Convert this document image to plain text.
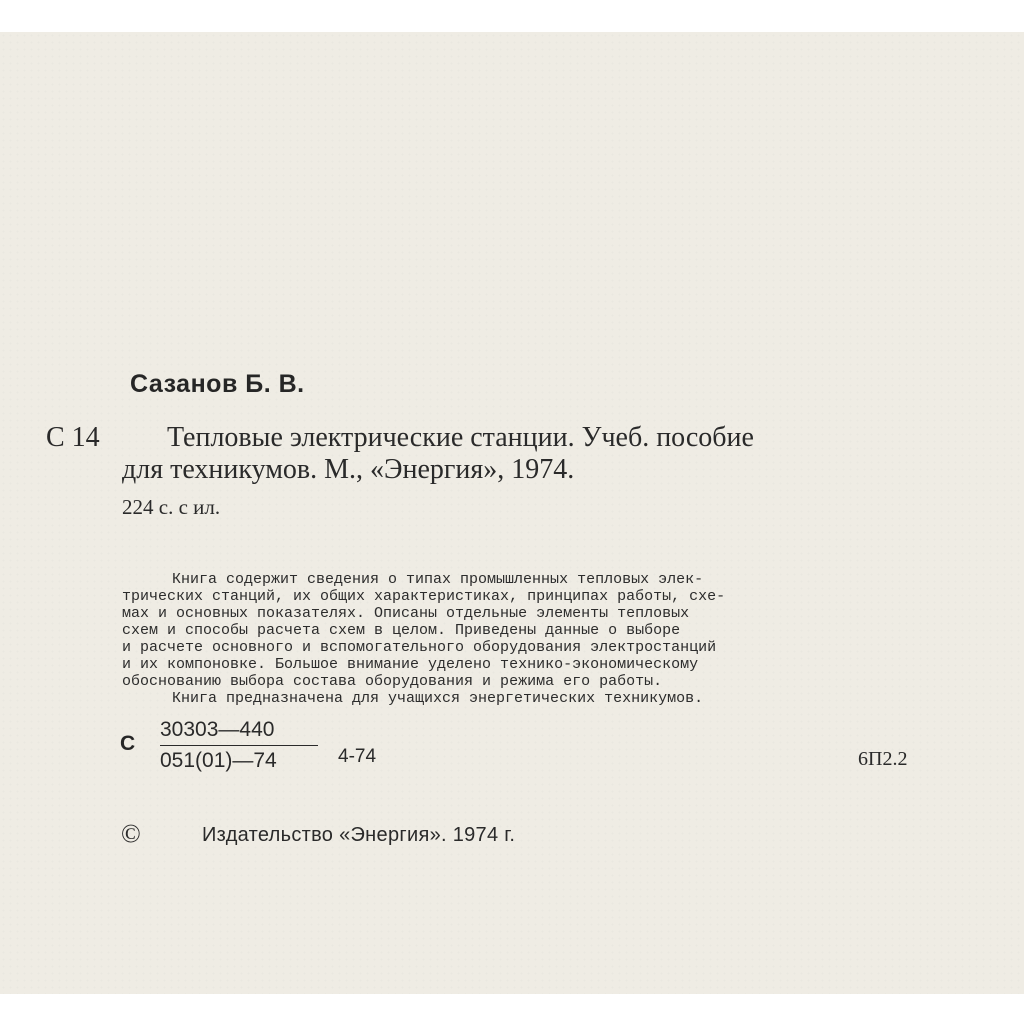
Сазанов Б. В.
С 14 Тепловые электрические станции. Учеб. пособие
для техникумов. М., «Энергия», 1974.
224 с. с ил.
Книга содержит сведения о типах промышленных тепловых элек-
трических станций, их общих характеристиках, принципах работы, схе-
мах и основных показателях. Описаны отдельные элементы тепловых
схем и способы расчета схем в целом. Приведены данные о выборе
и расчете основного и вспомогательного оборудования электростанций
и их компоновке. Большое внимание уделено технико-экономическому
обоснованию выбора состава оборудования и режима его работы.
Книга предназначена для учащихся энергетических техникумов.
С
30303—440
051(01)—74	4-74	6П2.2
©	Издательство «Энергия». 1974 г.
